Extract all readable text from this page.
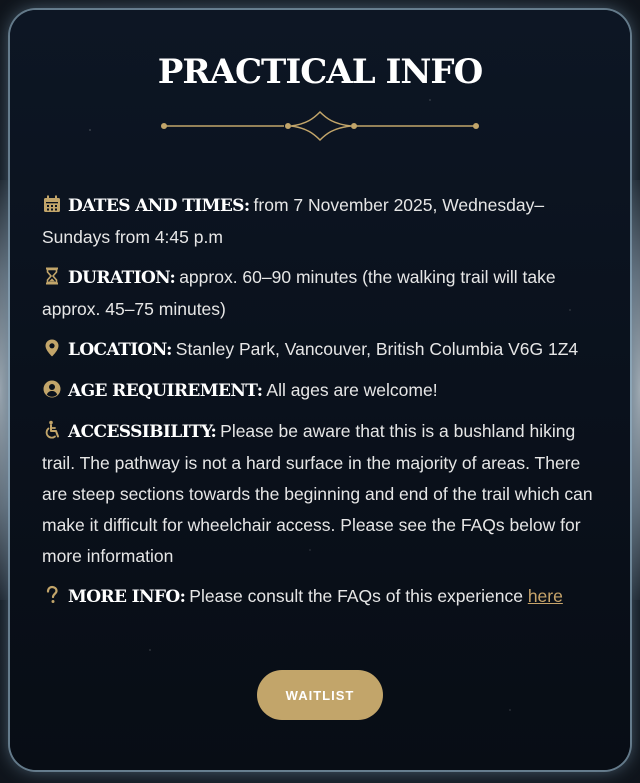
PRACTICAL INFO
DATES AND TIMES: from 7 November 2025, Wednesday–Sundays from 4:45 p.m
DURATION: approx. 60–90 minutes (the walking trail will take approx. 45–75 minutes)
LOCATION: Stanley Park, Vancouver, British Columbia V6G 1Z4
AGE REQUIREMENT: All ages are welcome!
ACCESSIBILITY: Please be aware that this is a bushland hiking trail. The pathway is not a hard surface in the majority of areas. There are steep sections towards the beginning and end of the trail which can make it difficult for wheelchair access. Please see the FAQs below for more information
MORE INFO: Please consult the FAQs of this experience here
WAITLIST
